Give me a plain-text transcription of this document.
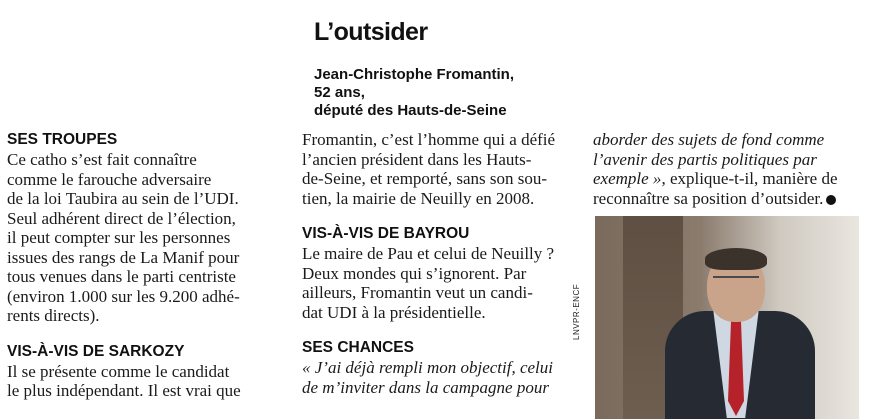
L’outsider
Jean-Christophe Fromantin,
52 ans,
député des Hauts-de-Seine
SES TROUPES
Ce catho s’est fait connaître
comme le farouche adversaire
de la loi Taubira au sein de l’UDI.
Seul adhérent direct de l’élection,
il peut compter sur les personnes
issues des rangs de La Manif pour
tous venues dans le parti centriste
(environ 1.000 sur les 9.200 adhé-
rents directs).
VIS-À-VIS DE SARKOZY
Il se présente comme le candidat
le plus indépendant. Il est vrai que
Fromantin, c’est l’homme qui a défié
l’ancien président dans les Hauts-
de-Seine, et remporté, sans son sou-
tien, la mairie de Neuilly en 2008.
VIS-À-VIS DE BAYROU
Le maire de Pau et celui de Neuilly ?
Deux mondes qui s’ignorent. Par
ailleurs, Fromantin veut un candi-
dat UDI à la présidentielle.
SES CHANCES
« J’ai déjà rempli mon objectif, celui
de m’inviter dans la campagne pour
aborder des sujets de fond comme
l’avenir des partis politiques par
exemple », explique-t-il, manière de
reconnaître sa position d’outsider.
LNVPR-ENCF
